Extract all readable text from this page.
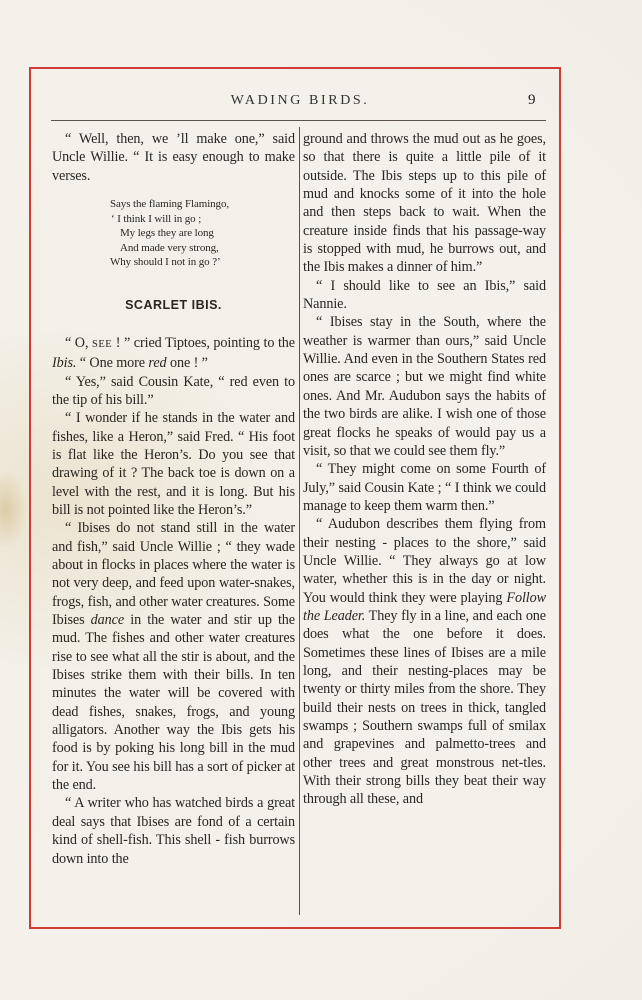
WADING BIRDS.	9

“ Well, then, we ’ll make one,” said Uncle Willie. “ It is easy enough to make verses.

Says the flaming Flamingo,
‘ I think I will in go ;
My legs they are long
And made very strong,
Why should I not in go ?’
SCARLET IBIS.

“ O, SEE ! ” cried Tiptoes, pointing to the Ibis. “ One more red one ! ”

“ Yes,” said Cousin Kate, “ red even to the tip of his bill.”

“ I wonder if he stands in the water and fishes, like a Heron,” said Fred. “ His foot is flat like the Heron’s. Do you see that drawing of it ? The back toe is down on a level with the rest, and it is long. But his bill is not pointed like the Heron’s.”

“ Ibises do not stand still in the water and fish,” said Uncle Willie ; “ they wade about in flocks in places where the water is not very deep, and feed upon water-snakes, frogs, fish, and other water creatures. Some Ibises dance in the water and stir up the mud. The fishes and other water creatures rise to see what all the stir is about, and the Ibises strike them with their bills. In ten minutes the water will be covered with dead fishes, snakes, frogs, and young alligators. Another way the Ibis gets his food is by poking his long bill in the mud for it. You see his bill has a sort of picker at the end.

“ A writer who has watched birds a great deal says that Ibises are fond of a certain kind of shell-fish. This shell - fish burrows down into the

ground and throws the mud out as he goes, so that there is quite a little pile of it outside. The Ibis steps up to this pile of mud and knocks some of it into the hole and then steps back to wait. When the creature inside finds that his passage-way is stopped with mud, he burrows out, and the Ibis makes a dinner of him.”

“ I should like to see an Ibis,” said Nannie.

“ Ibises stay in the South, where the weather is warmer than ours,” said Uncle Willie. And even in the Southern States red ones are scarce ; but we might find white ones. And Mr. Audubon says the habits of the two birds are alike. I wish one of those great flocks he speaks of would pay us a visit, so that we could see them fly.”

“ They might come on some Fourth of July,” said Cousin Kate ; “ I think we could manage to keep them warm then.”

“ Audubon describes them flying from their nesting - places to the shore,” said Uncle Willie. “ They always go at low water, whether this is in the day or night. You would think they were playing Follow the Leader. They fly in a line, and each one does what the one before it does. Sometimes these lines of Ibises are a mile long, and their nesting-places may be twenty or thirty miles from the shore. They build their nests on trees in thick, tangled swamps ; Southern swamps full of smilax and grapevines and palmetto-trees and other trees and great monstrous net-tles. With their strong bills they beat their way through all these, and
